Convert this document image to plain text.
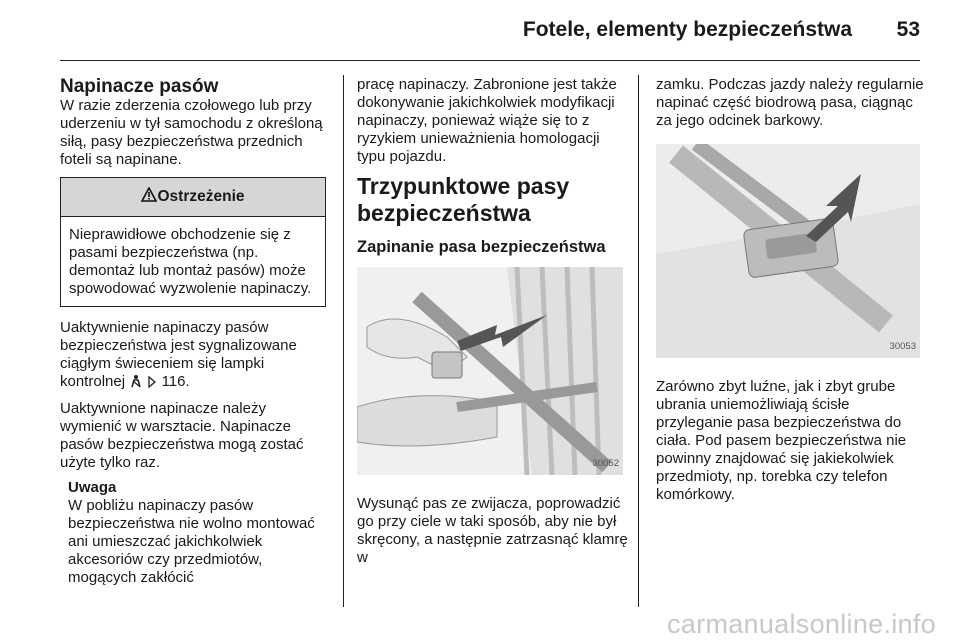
Fotele, elementy bezpieczeństwa 53
Napinacze pasów

W razie zderzenia czołowego lub przy uderzeniu w tył samochodu z określoną siłą, pasy bezpieczeństwa przednich foteli są napinane.

Ostrzeżenie
Nieprawidłowe obchodzenie się z pasami bezpieczeństwa (np. demontaż lub montaż pasów) może spowodować wyzwolenie napinaczy.

Uaktywnienie napinaczy pasów bezpieczeństwa jest sygnalizowane ciągłym świeceniem się lampki kontrolnej 116.

Uaktywnione napinacze należy wymienić w warsztacie. Napinacze pasów bezpieczeństwa mogą zostać użyte tylko raz.

Uwaga
W pobliżu napinaczy pasów bezpieczeństwa nie wolno montować ani umieszczać jakichkolwiek akcesoriów czy przedmiotów, mogących zakłócić

pracę napinaczy. Zabronione jest także dokonywanie jakichkolwiek modyfikacji napinaczy, ponieważ wiąże się to z ryzykiem unieważnienia homologacji typu pojazdu.

Trzypunktowe pasy bezpieczeństwa
Zapinanie pasa bezpieczeństwa
30052

Wysunąć pas ze zwijacza, poprowadzić go przy ciele w taki sposób, aby nie był skręcony, a następnie zatrzasnąć klamrę w

zamku. Podczas jazdy należy regularnie napinać część biodrową pasa, ciągnąc za jego odcinek barkowy.

30053

Zarówno zbyt luźne, jak i zbyt grube ubrania uniemożliwiają ścisłe przyleganie pasa bezpieczeństwa do ciała. Pod pasem bezpieczeństwa nie powinny znajdować się jakiekolwiek przedmioty, np. torebka czy telefon komórkowy.

carmanualsonline.info
